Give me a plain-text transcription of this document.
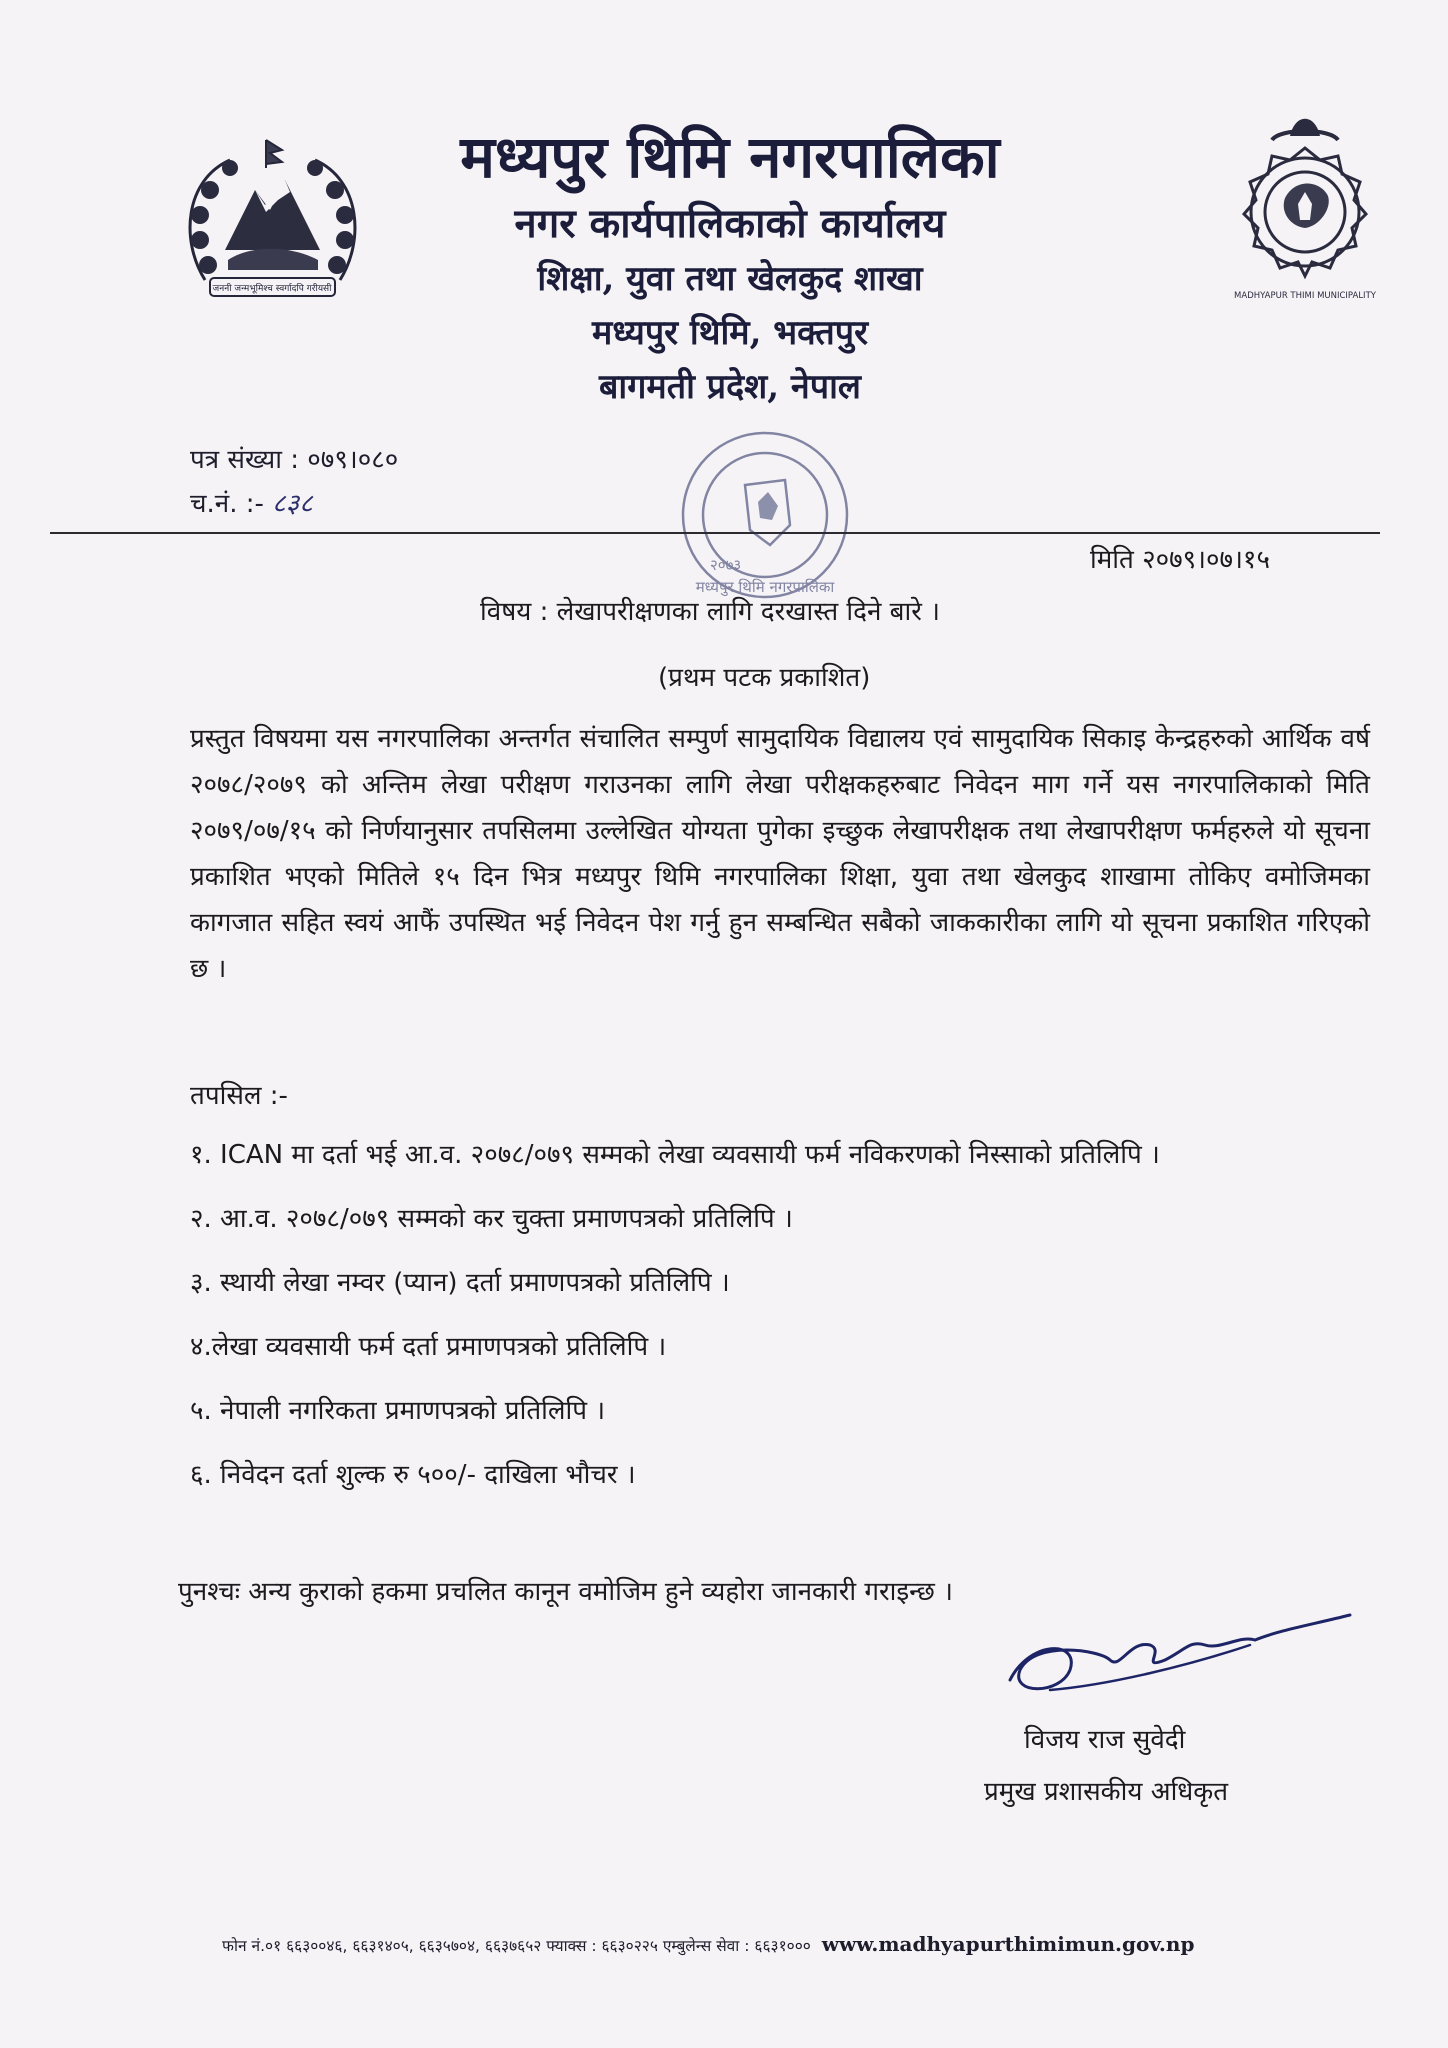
जननी जन्मभूमिश्च स्वर्गादपि गरीयसी

मध्यपुर थिमि नगरपालिका

नगर कार्यपालिकाको कार्यालय

शिक्षा, युवा तथा खेलकुद शाखा

मध्यपुर थिमि, भक्तपुर

बागमती प्रदेश, नेपाल

MADHYAPUR THIMI MUNICIPALITY
पत्र संख्या : ०७९।०८०
च.नं. :- ८३८
मध्यपुर थिमि नगरपालिका
२०७३	मिति २०७९।०७।१५
विषय : लेखापरीक्षणका लागि दरखास्त दिने बारे ।
(प्रथम पटक प्रकाशित)
प्रस्तुत विषयमा यस नगरपालिका अन्तर्गत संचालित सम्पुर्ण सामुदायिक विद्यालय एवं सामुदायिक सिकाइ केन्द्रहरुको आर्थिक वर्ष २०७८/२०७९ को अन्तिम लेखा परीक्षण गराउनका लागि लेखा परीक्षकहरुबाट निवेदन माग गर्ने यस नगरपालिकाको मिति २०७९/०७/१५ को निर्णयानुसार तपसिलमा उल्लेखित योग्यता पुगेका इच्छुक लेखापरीक्षक तथा लेखापरीक्षण फर्महरुले यो सूचना प्रकाशित भएको मितिले १५ दिन भित्र मध्यपुर थिमि नगरपालिका शिक्षा, युवा तथा खेलकुद शाखामा तोकिए वमोजिमका कागजात सहित स्वयं आफैं उपस्थित भई निवेदन पेश गर्नु हुन सम्बन्धित सबैको जाककारीका लागि यो सूचना प्रकाशित गरिएको छ ।
तपसिल :-
१. ICAN मा दर्ता भई आ.व. २०७८/०७९ सम्मको लेखा व्यवसायी फर्म नविकरणको निस्साको प्रतिलिपि ।
२. आ.व. २०७८/०७९ सम्मको कर चुक्ता प्रमाणपत्रको प्रतिलिपि ।
३. स्थायी लेखा नम्वर (प्यान) दर्ता प्रमाणपत्रको प्रतिलिपि ।
४.लेखा व्यवसायी फर्म दर्ता प्रमाणपत्रको प्रतिलिपि ।
५. नेपाली नगरिकता प्रमाणपत्रको प्रतिलिपि ।
६. निवेदन दर्ता शुल्क रु ५००/- दाखिला भौचर ।
पुनश्चः अन्य कुराको हकमा प्रचलित कानून वमोजिम हुने व्यहोरा जानकारी गराइन्छ ।
विजय राज सुवेदी
प्रमुख प्रशासकीय अधिकृत
फोन नं.०१ ६६३००४६, ६६३१४०५, ६६३५७०४, ६६३७६५२ फ्याक्स : ६६३०२२५ एम्बुलेन्स सेवा : ६६३१००० www.madhyapurthimimun.gov.np
